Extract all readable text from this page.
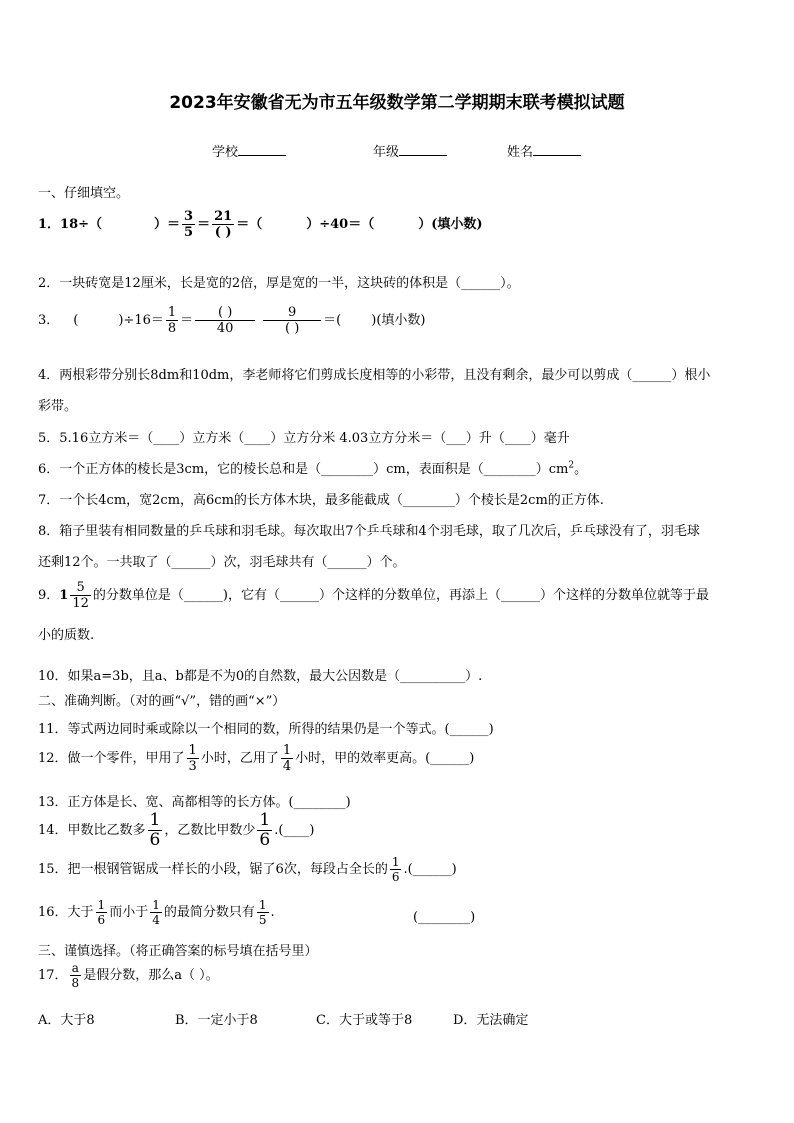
2023年安徽省无为市五年级数学第二学期期末联考模拟试题
学校	年级	姓名
一、仔细填空。
1．18÷（	）＝ $\frac{3}{5} = \frac{21}{( )}$ ＝（	）÷40＝（	）(填小数)
2．一块砖宽是12厘米，长是宽的2倍，厚是宽的一半，这块砖的体积是（______）。
3． (	)$\div 16= \frac{1}{8} = \frac{( )}{40} \frac{9}{( )}$ ＝( )(填小数)
4．两根彩带分别长8dm和10dm，李老师将它们剪成长度相等的小彩带，且没有剩余，最少可以剪成（______）根小
彩带。
5．5.16立方米＝（____）立方米（____）立方分米 4.03立方分米＝（___）升（____）毫升
6．一个正方体的棱长是3cm，它的棱长总和是（________）cm，表面积是$(\_\_\_\_\_\_\_\_)cm^2$。
7．一个长4cm，宽2cm，高6cm的长方体木块，最多能截成（________）个棱长是2cm的正方体.
8．箱子里装有相同数量的乒乓球和羽毛球。每次取出7个乒乓球和4个羽毛球，取了几次后，乒乓球没有了，羽毛球
还剩12个。一共取了（______）次，羽毛球共有（______）个。
9．$1 \frac{5}{12}$ 的分数单位是（______)，它有（______）个这样的分数单位，再添上（______）个这样的分数单位就等于最
小的质数.
10．如果a=3b，且a、b都是不为0的自然数，最大公因数是（__________）.
二、准确判断。（对的画“√”，错的画“×”）
11．等式两边同时乘或除以一个相同的数，所得的结果仍是一个等式。(______)
12．做一个零件，甲用了 $\frac{1}{3}$ 小时，乙用了 $\frac{1}{4}$ 小时，甲的效率更高。(______)
13．正方体是长、宽、高都相等的长方体。(________)
14．甲数比乙数多 $\frac{1}{6}$ ，乙数比甲数少 $\frac{1}{6}$ .(____)
15．把一根钢管锯成一样长的小段，锯了6次，每段占全长的 $\frac{1}{6}$ .(______)
16．大于 $\frac{1}{6}$ 而小于 $\frac{1}{4}$ 的最简分数只有 $\frac{1}{5}$ .	(________)
三、谨慎选择。（将正确答案的标号填在括号里）
17． $\frac{a}{8}$ 是假分数，那么a（ ）。
A．大于8	B．一定小于8	C．大于或等于8	D．无法确定
